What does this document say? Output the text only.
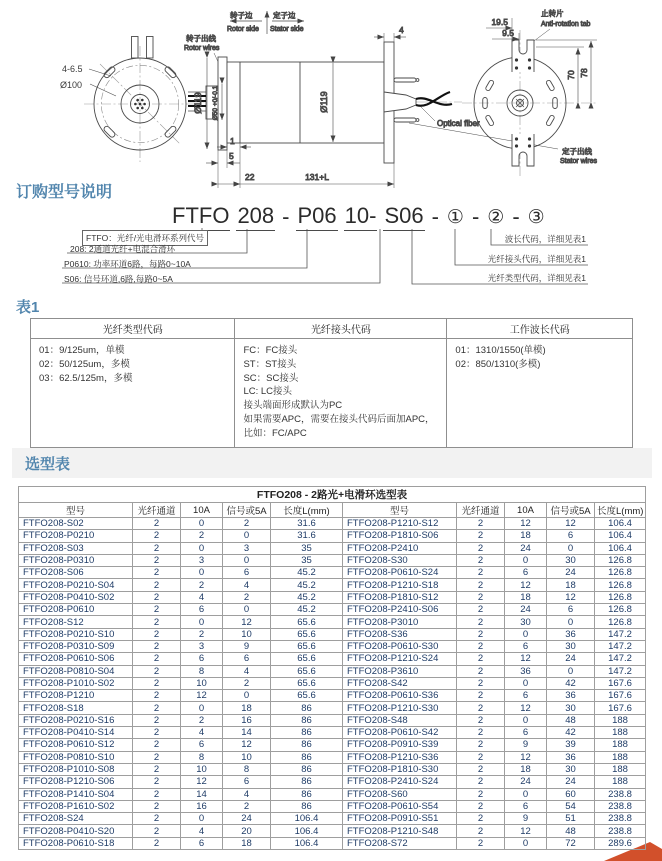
4-6.5
Ø100
转子边	定子边
Rotor side Stator side
转子出线
Rotor wires
Optical fiber
定子出线
Stator wires
Ø119 Ø50 +0/-0.1	Ø119
4
1
5
22	131+L
止转片
Anti-rotation tab
19.5
9.5
70 78
订购型号说明
FTFO 208 - P06 10- S06 - ① - ② - ③
FTFO：光纤/光电滑环系列代号
208: 2通道光纤+电混合滑环
P0610: 功率环道6路，每路0~10A
S06: 信号环道,6路,每路0~5A
波长代码，详细见表1
光纤接头代码，详细见表1
光纤类型代码，详细见表1
表1
光纤类型代码	光纤接头代码	工作波长代码

01：9/125um，单模
02：50/125um，多模
03：62.5/125m，多模

FC：FC接头
ST：ST接头
SC：SC接头
LC: LC接头
接头端面形成默认为PC
如果需要APC，需要在接头代码后面加APC，
比如：FC/APC

01：1310/1550(单模)
02：850/1310(多模)
选型表
FTFO208 - 2路光+电滑环选型表									
型号	光纤通道	10A	信号或5A	长度L(mm)	型号	光纤通道	10A	信号或5A	长度L(mm)
FTFO208-S02	2	0	2	31.6	FTFO208-P1210-S12	2	12	12	106.4
FTFO208-P0210	2	2	0	31.6	FTFO208-P1810-S06	2	18	6	106.4
FTFO208-S03	2	0	3	35	FTFO208-P2410	2	24	0	106.4
FTFO208-P0310	2	3	0	35	FTFO208-S30	2	0	30	126.8
FTFO208-S06	2	0	6	45.2	FTFO208-P0610-S24	2	6	24	126.8
FTFO208-P0210-S04	2	2	4	45.2	FTFO208-P1210-S18	2	12	18	126.8
FTFO208-P0410-S02	2	4	2	45.2	FTFO208-P1810-S12	2	18	12	126.8
FTFO208-P0610	2	6	0	45.2	FTFO208-P2410-S06	2	24	6	126.8
FTFO208-S12	2	0	12	65.6	FTFO208-P3010	2	30	0	126.8
FTFO208-P0210-S10	2	2	10	65.6	FTFO208-S36	2	0	36	147.2
FTFO208-P0310-S09	2	3	9	65.6	FTFO208-P0610-S30	2	6	30	147.2
FTFO208-P0610-S06	2	6	6	65.6	FTFO208-P1210-S24	2	12	24	147.2
FTFO208-P0810-S04	2	8	4	65.6	FTFO208-P3610	2	36	0	147.2
FTFO208-P1010-S02	2	10	2	65.6	FTFO208-S42	2	0	42	167.6
FTFO208-P1210	2	12	0	65.6	FTFO208-P0610-S36	2	6	36	167.6
FTFO208-S18	2	0	18	86	FTFO208-P1210-S30	2	12	30	167.6
FTFO208-P0210-S16	2	2	16	86	FTFO208-S48	2	0	48	188
FTFO208-P0410-S14	2	4	14	86	FTFO208-P0610-S42	2	6	42	188
FTFO208-P0610-S12	2	6	12	86	FTFO208-P0910-S39	2	9	39	188
FTFO208-P0810-S10	2	8	10	86	FTFO208-P1210-S36	2	12	36	188
FTFO208-P1010-S08	2	10	8	86	FTFO208-P1810-S30	2	18	30	188
FTFO208-P1210-S06	2	12	6	86	FTFO208-P2410-S24	2	24	24	188
FTFO208-P1410-S04	2	14	4	86	FTFO208-S60	2	0	60	238.8
FTFO208-P1610-S02	2	16	2	86	FTFO208-P0610-S54	2	6	54	238.8
FTFO208-S24	2	0	24	106.4	FTFO208-P0910-S51	2	9	51	238.8
FTFO208-P0410-S20	2	4	20	106.4	FTFO208-P1210-S48	2	12	48	238.8
FTFO208-P0610-S18	2	6	18	106.4	FTFO208-S72	2	0	72	289.6
